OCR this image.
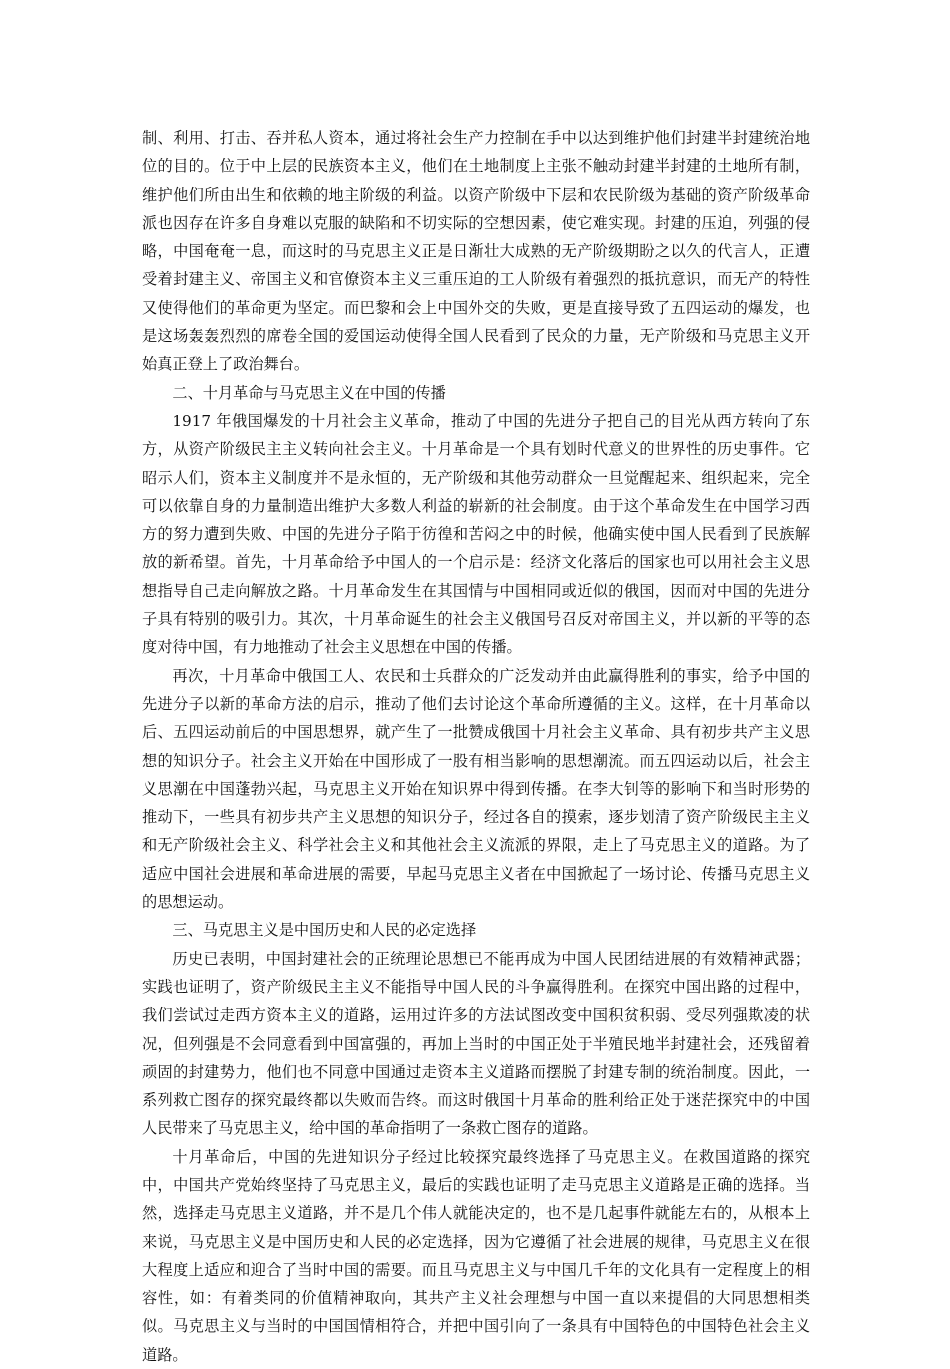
制、利用、打击、吞并私人资本，通过将社会生产力控制在手中以达到维护他们封建半封建统治地位的目的。位于中上层的民族资本主义，他们在土地制度上主张不触动封建半封建的土地所有制，维护他们所由出生和依赖的地主阶级的利益。以资产阶级中下层和农民阶级为基础的资产阶级革命派也因存在许多自身难以克服的缺陷和不切实际的空想因素，使它难实现。封建的压迫，列强的侵略，中国奄奄一息，而这时的马克思主义正是日渐壮大成熟的无产阶级期盼之以久的代言人，正遭受着封建主义、帝国主义和官僚资本主义三重压迫的工人阶级有着强烈的抵抗意识，而无产的特性又使得他们的革命更为坚定。而巴黎和会上中国外交的失败，更是直接导致了五四运动的爆发，也是这场轰轰烈烈的席卷全国的爱国运动使得全国人民看到了民众的力量，无产阶级和马克思主义开始真正登上了政治舞台。

二、十月革命与马克思主义在中国的传播

1917 年俄国爆发的十月社会主义革命，推动了中国的先进分子把自己的目光从西方转向了东方，从资产阶级民主主义转向社会主义。十月革命是一个具有划时代意义的世界性的历史事件。它昭示人们，资本主义制度并不是永恒的，无产阶级和其他劳动群众一旦觉醒起来、组织起来，完全可以依靠自身的力量制造出维护大多数人利益的崭新的社会制度。由于这个革命发生在中国学习西方的努力遭到失败、中国的先进分子陷于彷徨和苦闷之中的时候，他确实使中国人民看到了民族解放的新希望。首先，十月革命给予中国人的一个启示是：经济文化落后的国家也可以用社会主义思想指导自己走向解放之路。十月革命发生在其国情与中国相同或近似的俄国，因而对中国的先进分子具有特别的吸引力。其次，十月革命诞生的社会主义俄国号召反对帝国主义，并以新的平等的态度对待中国，有力地推动了社会主义思想在中国的传播。

再次，十月革命中俄国工人、农民和士兵群众的广泛发动并由此赢得胜利的事实，给予中国的先进分子以新的革命方法的启示，推动了他们去讨论这个革命所遵循的主义。这样，在十月革命以后、五四运动前后的中国思想界，就产生了一批赞成俄国十月社会主义革命、具有初步共产主义思想的知识分子。社会主义开始在中国形成了一股有相当影响的思想潮流。而五四运动以后，社会主义思潮在中国蓬勃兴起，马克思主义开始在知识界中得到传播。在李大钊等的影响下和当时形势的推动下，一些具有初步共产主义思想的知识分子，经过各自的摸索，逐步划清了资产阶级民主主义和无产阶级社会主义、科学社会主义和其他社会主义流派的界限，走上了马克思主义的道路。为了适应中国社会进展和革命进展的需要，早起马克思主义者在中国掀起了一场讨论、传播马克思主义的思想运动。

三、马克思主义是中国历史和人民的必定选择

历史已表明，中国封建社会的正统理论思想已不能再成为中国人民团结进展的有效精神武器；实践也证明了，资产阶级民主主义不能指导中国人民的斗争赢得胜利。在探究中国出路的过程中，我们尝试过走西方资本主义的道路，运用过许多的方法试图改变中国积贫积弱、受尽列强欺凌的状况，但列强是不会同意看到中国富强的，再加上当时的中国正处于半殖民地半封建社会，还残留着顽固的封建势力，他们也不同意中国通过走资本主义道路而摆脱了封建专制的统治制度。因此，一系列救亡图存的探究最终都以失败而告终。而这时俄国十月革命的胜利给正处于迷茫探究中的中国人民带来了马克思主义，给中国的革命指明了一条救亡图存的道路。

十月革命后，中国的先进知识分子经过比较探究最终选择了马克思主义。在救国道路的探究中，中国共产党始终坚持了马克思主义，最后的实践也证明了走马克思主义道路是正确的选择。当然，选择走马克思主义道路，并不是几个伟人就能决定的，也不是几起事件就能左右的，从根本上来说，马克思主义是中国历史和人民的必定选择，因为它遵循了社会进展的规律，马克思主义在很大程度上适应和迎合了当时中国的需要。而且马克思主义与中国几千年的文化具有一定程度上的相容性，如：有着类同的价值精神取向，其共产主义社会理想与中国一直以来提倡的大同思想相类似。马克思主义与当时的中国国情相符合，并把中国引向了一条具有中国特色的中国特色社会主义道路。
